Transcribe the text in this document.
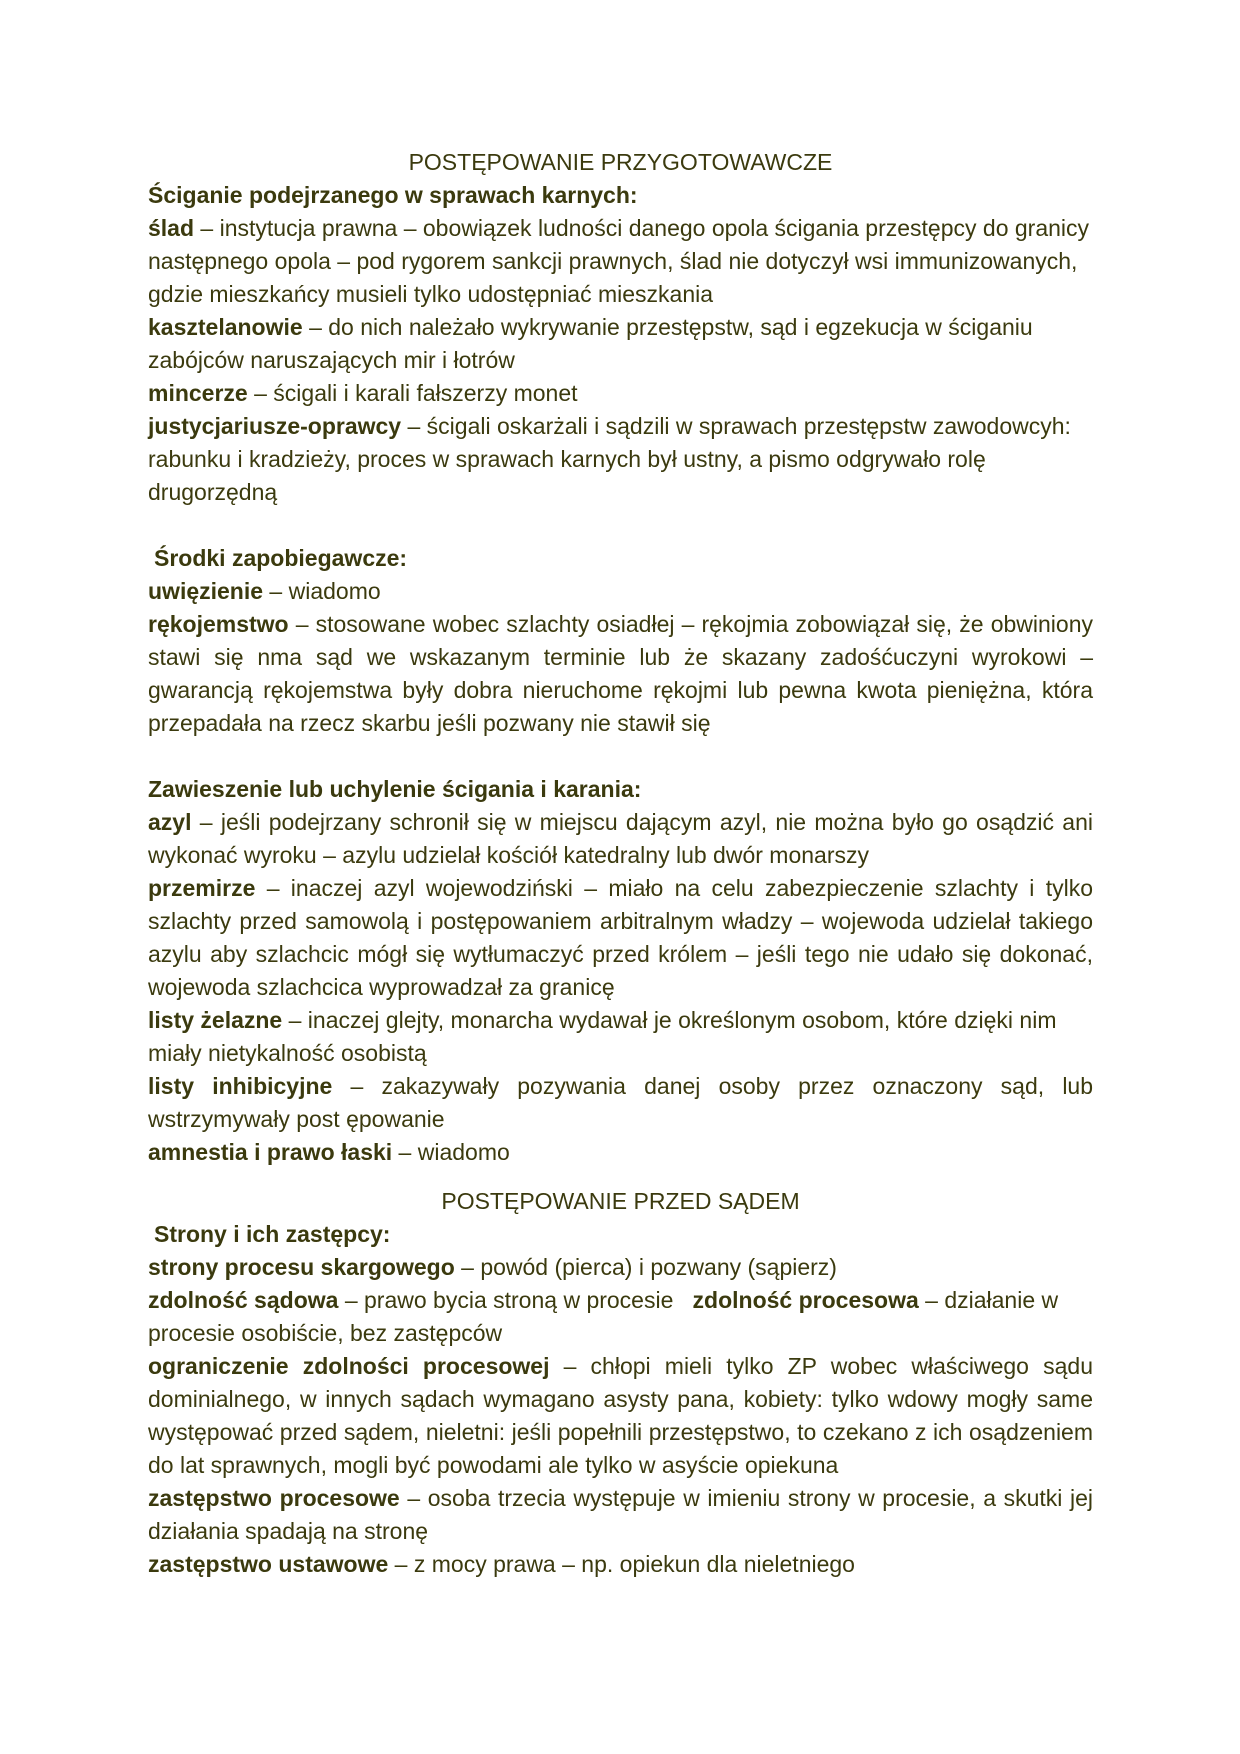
POSTĘPOWANIE PRZYGOTOWAWCZE

Ściganie podejrzanego w sprawach karnych:

ślad – instytucja prawna – obowiązek ludności danego opola ścigania przestępcy do granicy następnego opola – pod rygorem sankcji prawnych, ślad nie dotyczył wsi immunizowanych, gdzie mieszkańcy musieli tylko udostępniać mieszkania

kasztelanowie – do nich należało wykrywanie przestępstw, sąd i egzekucja w ściganiu zabójców naruszających mir i łotrów

mincerze – ścigali i karali fałszerzy monet

justycjariusze-oprawcy – ścigali oskarżali i sądzili w sprawach przestępstw zawodowcyh: rabunku i kradzieży, proces w sprawach karnych był ustny, a pismo odgrywało rolę drugorzędną

Środki zapobiegawcze:

uwięzienie – wiadomo

rękojemstwo – stosowane wobec szlachty osiadłej – rękojmia zobowiązał się, że obwiniony stawi się nma sąd we wskazanym terminie lub że skazany zadośćuczyni wyrokowi – gwarancją rękojemstwa były dobra nieruchome rękojmi lub pewna kwota pieniężna, która przepadała na rzecz skarbu jeśli pozwany nie stawił się

Zawieszenie lub uchylenie ścigania i karania:

azyl – jeśli podejrzany schronił się w miejscu dającym azyl, nie można było go osądzić ani wykonać wyroku – azylu udzielał kościół katedralny lub dwór monarszy

przemirze – inaczej azyl wojewodziński – miało na celu zabezpieczenie szlachty i tylko szlachty przed samowolą i postępowaniem arbitralnym władzy – wojewoda udzielał takiego azylu aby szlachcic mógł się wytłumaczyć przed królem – jeśli tego nie udało się dokonać, wojewoda szlachcica wyprowadzał za granicę

listy żelazne – inaczej glejty, monarcha wydawał je określonym osobom, które dzięki nim miały nietykalność osobistą

listy inhibicyjne – zakazywały pozywania danej osoby przez oznaczony sąd, lub wstrzymywały post ępowanie

amnestia i prawo łaski – wiadomo

POSTĘPOWANIE PRZED SĄDEM

Strony i ich zastępcy:

strony procesu skargowego – powód (pierca) i pozwany (sąpierz)

zdolność sądowa – prawo bycia stroną w procesie   zdolność procesowa – działanie w procesie osobiście, bez zastępców

ograniczenie zdolności procesowej – chłopi mieli tylko ZP wobec właściwego sądu dominialnego, w innych sądach wymagano asysty pana, kobiety: tylko wdowy mogły same występować przed sądem, nieletni: jeśli popełnili przestępstwo, to czekano z ich osądzeniem do lat sprawnych, mogli być powodami ale tylko w asyście opiekuna

zastępstwo procesowe – osoba trzecia występuje w imieniu strony w procesie, a skutki jej działania spadają na stronę

zastępstwo ustawowe – z mocy prawa – np. opiekun dla nieletniego
